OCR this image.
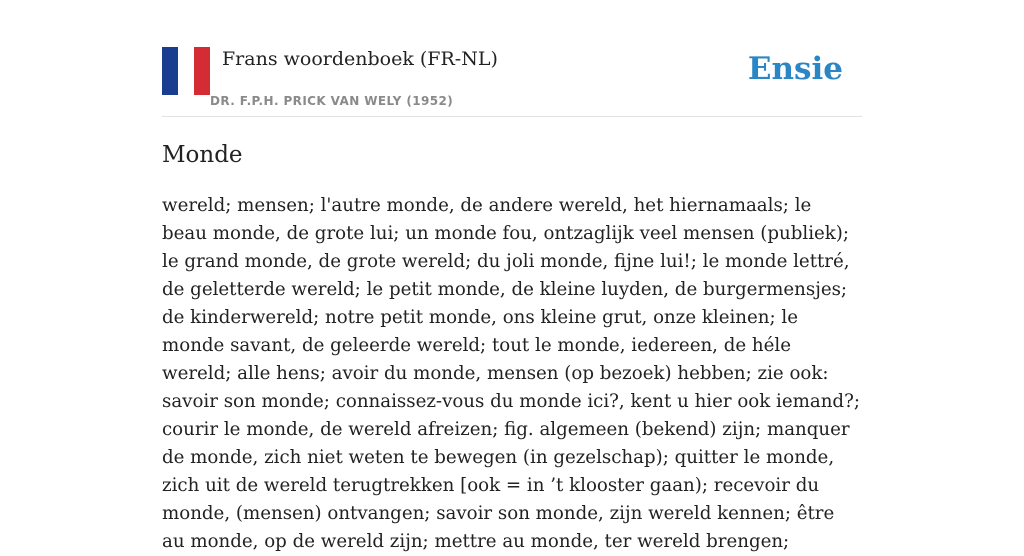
Frans woordenboek (FR-NL)
DR. F.P.H. PRICK VAN WELY (1952)
Ensie
Monde

wereld; mensen; l'autre monde, de andere wereld, het hiernamaals; le beau monde, de grote lui; un monde fou, ontzaglijk veel mensen (publiek); le grand monde, de grote wereld; du joli monde, fijne lui!; le monde lettré, de geletterde wereld; le petit monde, de kleine luyden, de burgermensjes; de kinderwereld; notre petit monde, ons kleine grut, onze kleinen; le monde savant, de geleerde wereld; tout le monde, iedereen, de héle wereld; alle hens; avoir du monde, mensen (op bezoek) hebben; zie ook: savoir son monde; connaissez-vous du monde ici?, kent u hier ook iemand?; courir le monde, de wereld afreizen; fig. algemeen (bekend) zijn; manquer de monde, zich niet weten te bewegen (in gezelschap); quitter le monde, zich uit de wereld terugtrekken [ook = in ’t klooster gaan); recevoir du monde, (mensen) ontvangen; savoir son monde, zijn wereld kennen; être au monde, op de wereld zijn; mettre au monde, ter wereld brengen;
